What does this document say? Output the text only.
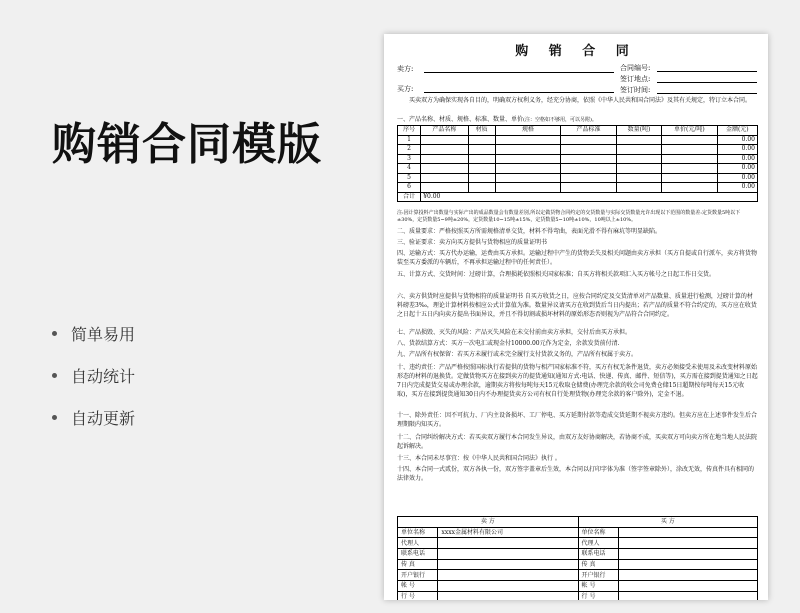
购销合同模版
简单易用
自动统计
自动更新
购 销 合 同
卖方:	合同编号:
签订地点:
买方:	签订时间:
买卖双方为确保实现各自目的，明确双方权利义务，经充分协商，依照《中华人民共和国合同法》及其有关规定，特订立本合同。
一、产品名称、材质、规格、标准、数量、单价(注：空格如不够用，可以另附)。
序号	产品名称	材质	规格	产品标准	数量(吨)	单价(元/吨)	金额(元)
1							0.00
2							0.00
3							0.00
4							0.00
5							0.00
6							0.00
合计	¥0.00						
注:因计算投料产出数量与实际产出的成品数量会有数量差别,所以定做货物合同约定的交货数量与实际交货数量允许出现以下范围的数量差:定货数量5吨以下±30%，定货数量5~9吨±20%，定货数量10~15吨±15%，定货数量5~10吨±10%，10吨以上±10%。
二、质量要求：严格按照买方所需规格清单交货，材料不得弯曲，表面光滑不得有麻坑等明显缺陷。
三、验证要求：卖方向买方提供与货物相应的质量证明书
四、运输方式：买方代办运输，运费由买方承担。运输过程中产生的货物丢失及相关问题由卖方承担（买方自提或自行派车，卖方将货物装至买方委派的车辆后，不再承担运输过程中的任何责任）。
五、计算方式、交货时间：过磅计算，合理损耗依照相关国家标准；自买方将相关款项汇入买方帐号之日起工作日交货。
六、卖方供货时应提供与货物相符的质量证明书 自买方收货之日，应按合同约定及交货清单对产品数量、质量进行检测，过磅计算的材料磅差3‰，理论计算材料按相应公式计算值为准。数量异议请买方在收到货后当日内提出；若产品的质量不符合约定的，买方应在收货之日起十五日内向卖方提出书面异议，并且不得切割或损坏材料的原始形态否则视为产品符合合同约定。
七、产品损毁、灭失的风险：产品灭失风险在未交付前由卖方承担，交付后由买方承担。
八、货款结算方式：买方一次电汇或现金付10000.00元作为定金，余款发货前付清.
九、产品所有权保留：若买方未履行或未完全履行支付货款义务的，产品所有权属于卖方。
十、违约责任：产品严格按照国标执行若提供的货物与相产国家标准不符，买方有权无条件退货，卖方必须接受未使用及未改变材料原始形态的材料的退换货。定做货物买方在接到卖方的提货通知(通知方式:电话、快递、传真、邮件、短信等)，买方需在接到提货通知之日起7日内完成提货交易或办理余款，逾期卖方将按每吨每天15元收取仓储费(办理完余款的收会司免费仓储15日超期按每吨每天15元收取)，买方在接到提货通知30日内不办理提货卖方公司有权自行处理货物(办理完余款的客户除外)，定金不退。
十一、除外责任：因不可抗力、厂内主设备损坏、工厂停电、买方延期付款等造成交货延期不视卖方违约。但卖方应在上述事件发生后合理期限内知买方。
十二、合同纠纷解决方式：若买卖双方履行本合同发生异议，由双方友好协商解决，若协商不成，买卖双方可向卖方所在地当地人民法院起诉解决。
十三、本合同未尽事宜：按《中华人民共和国合同法》执行 。
十四、本合同一式贰份，双方各执一份，双方签字盖章后生效，本合同以打印字体为准（签字签章除外），涂改无效，传真件具有相同的法律效力。
卖 方		买 方	
单位名称	xxxx金属材料有限公司	单位名称	
代理人		代理人	
联系电话		联系电话	
传 真		传 真	
开户银行		开户银行	
帐 号		帐 号	
行 号		行 号	
